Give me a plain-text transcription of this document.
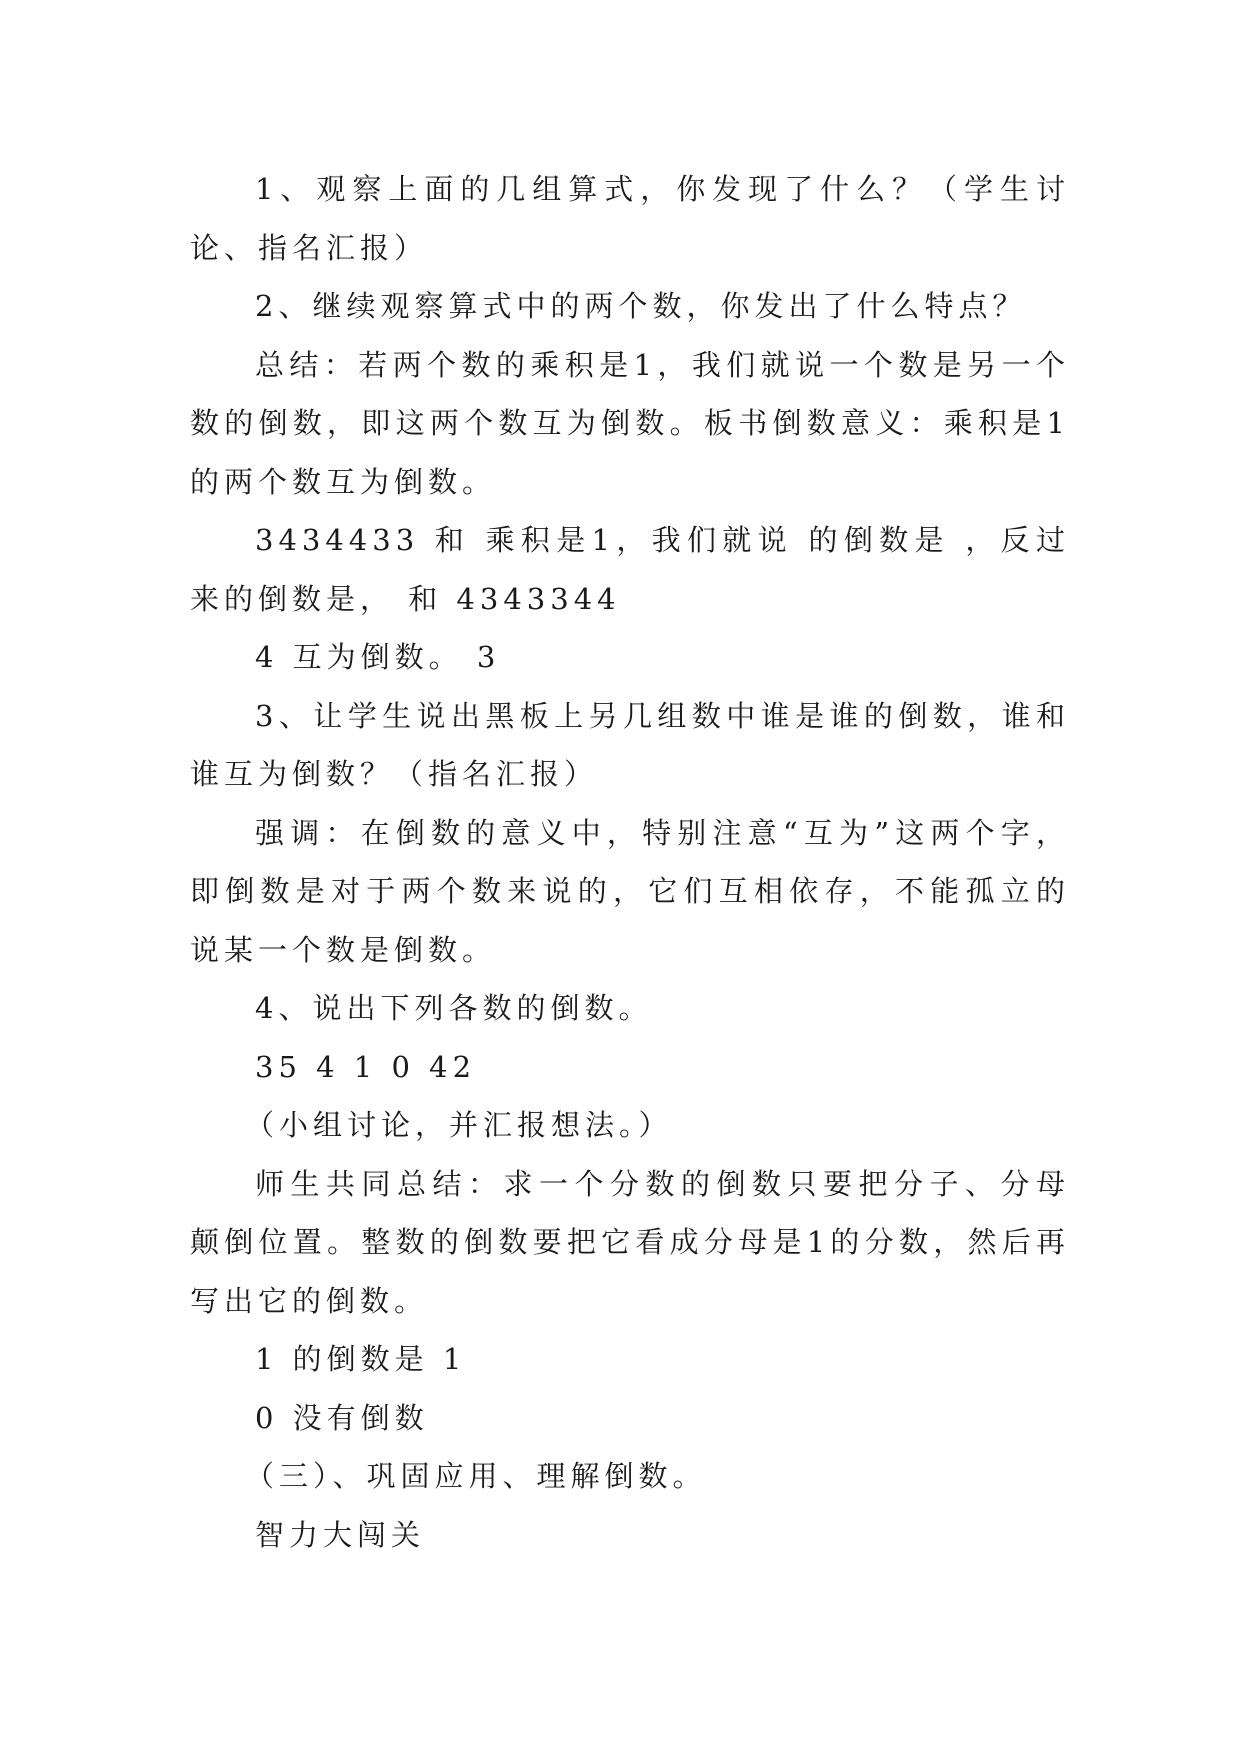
1、观察上面的几组算式，你发现了什么？（学生讨论、指名汇报）

2、继续观察算式中的两个数，你发出了什么特点？

总结：若两个数的乘积是1，我们就说一个数是另一个数的倒数，即这两个数互为倒数。板书倒数意义：乘积是1的两个数互为倒数。

3434433 和 乘积是1，我们就说 的倒数是 ，反过来的倒数是， 和 4343344

4 互为倒数。 3

3、让学生说出黑板上另几组数中谁是谁的倒数，谁和谁互为倒数？（指名汇报）

强调：在倒数的意义中，特别注意“互为”这两个字，即倒数是对于两个数来说的，它们互相依存，不能孤立的说某一个数是倒数。

4、说出下列各数的倒数。

35 4 1 0 42

（小组讨论，并汇报想法。）

师生共同总结：求一个分数的倒数只要把分子、分母颠倒位置。整数的倒数要把它看成分母是1的分数，然后再写出它的倒数。

1 的倒数是 1

0 没有倒数

（三）、巩固应用、理解倒数。

智力大闯关
